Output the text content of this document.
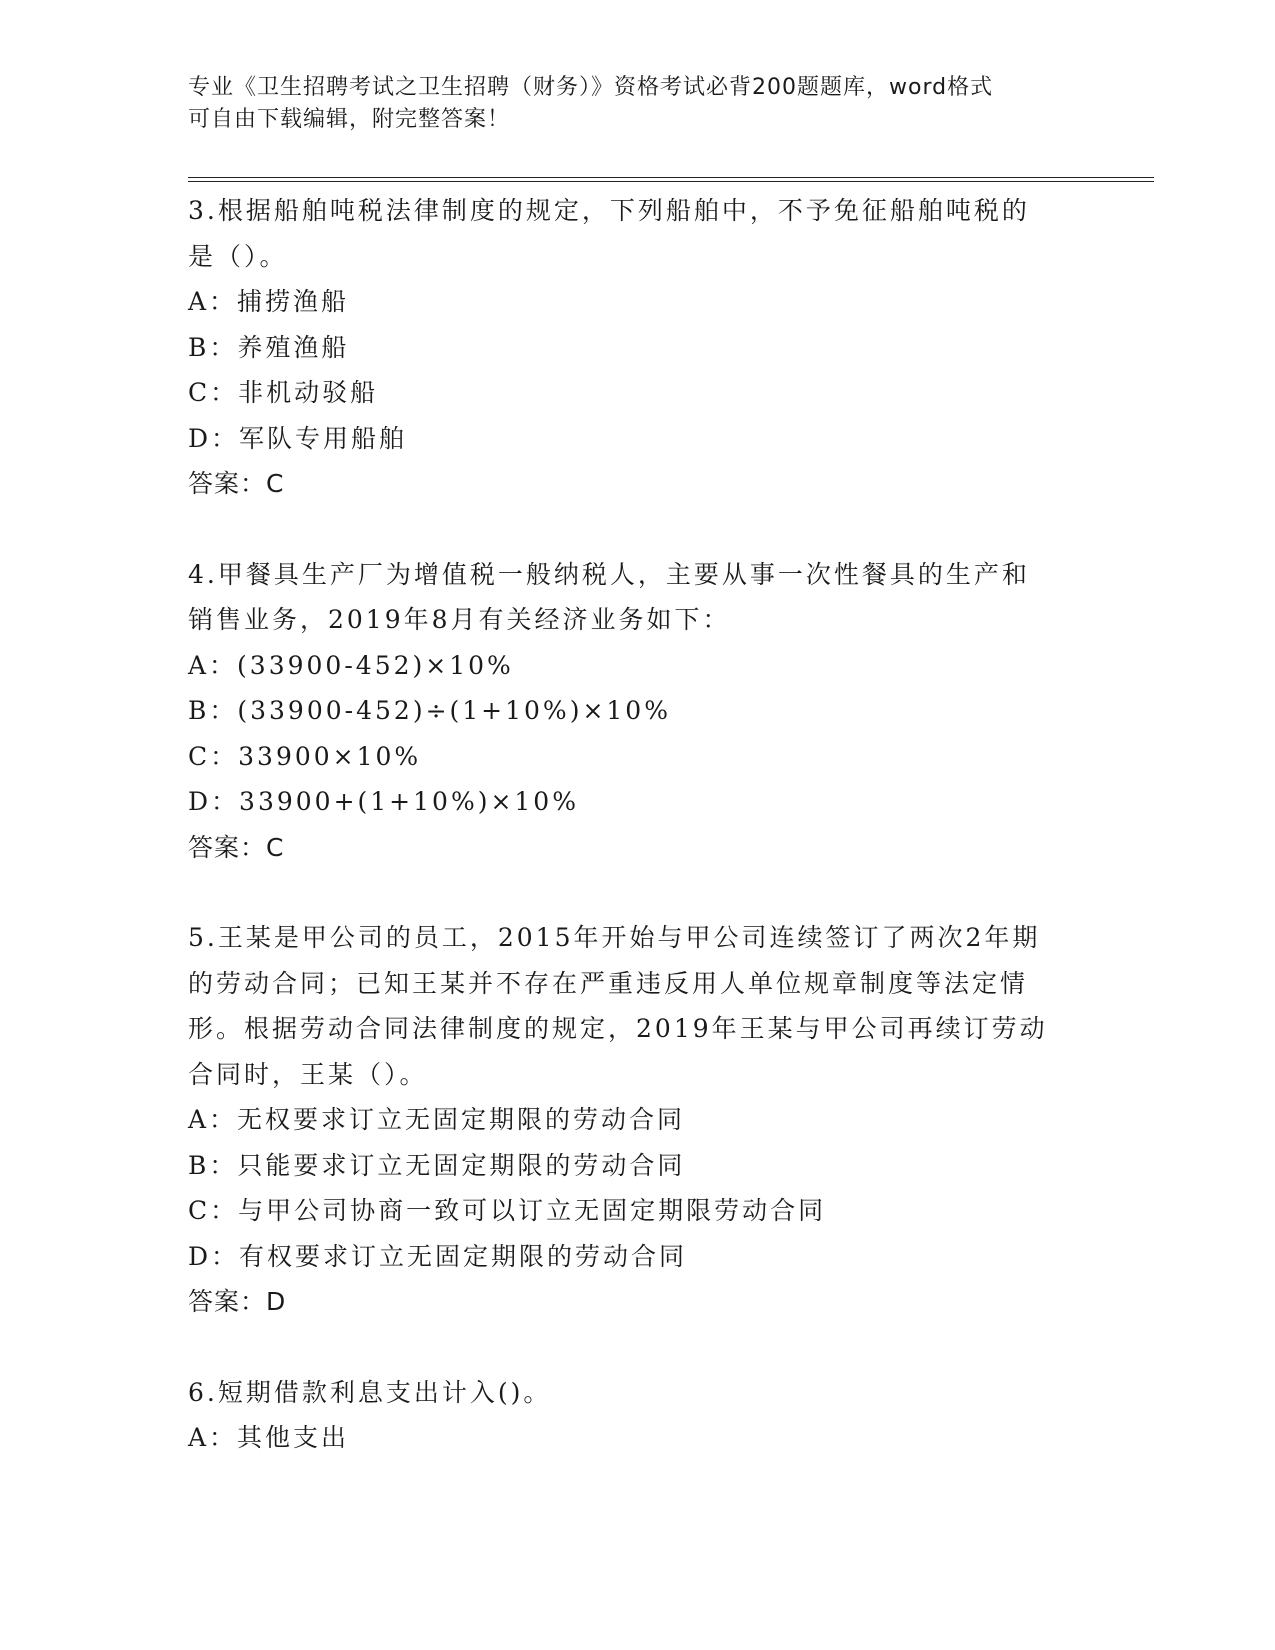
专业《卫生招聘考试之卫生招聘（财务）》资格考试必背200题题库，word格式
可自由下载编辑，附完整答案！

3.根据船舶吨税法律制度的规定，下列船舶中，不予免征船舶吨税的

是（）。

A：捕捞渔船

B：养殖渔船

C：非机动驳船

D：军队专用船舶

答案：C

4.甲餐具生产厂为增值税一般纳税人，主要从事一次性餐具的生产和

销售业务，2019年8月有关经济业务如下：

A：(33900-452)×10%

B：(33900-452)÷(1+10%)×10%

C：33900×10%

D：33900+(1+10%)×10%

答案：C

5.王某是甲公司的员工，2015年开始与甲公司连续签订了两次2年期

的劳动合同；已知王某并不存在严重违反用人单位规章制度等法定情

形。根据劳动合同法律制度的规定，2019年王某与甲公司再续订劳动

合同时，王某（）。

A：无权要求订立无固定期限的劳动合同

B：只能要求订立无固定期限的劳动合同

C：与甲公司协商一致可以订立无固定期限劳动合同

D：有权要求订立无固定期限的劳动合同

答案：D

6.短期借款利息支出计入()。

A：其他支出
